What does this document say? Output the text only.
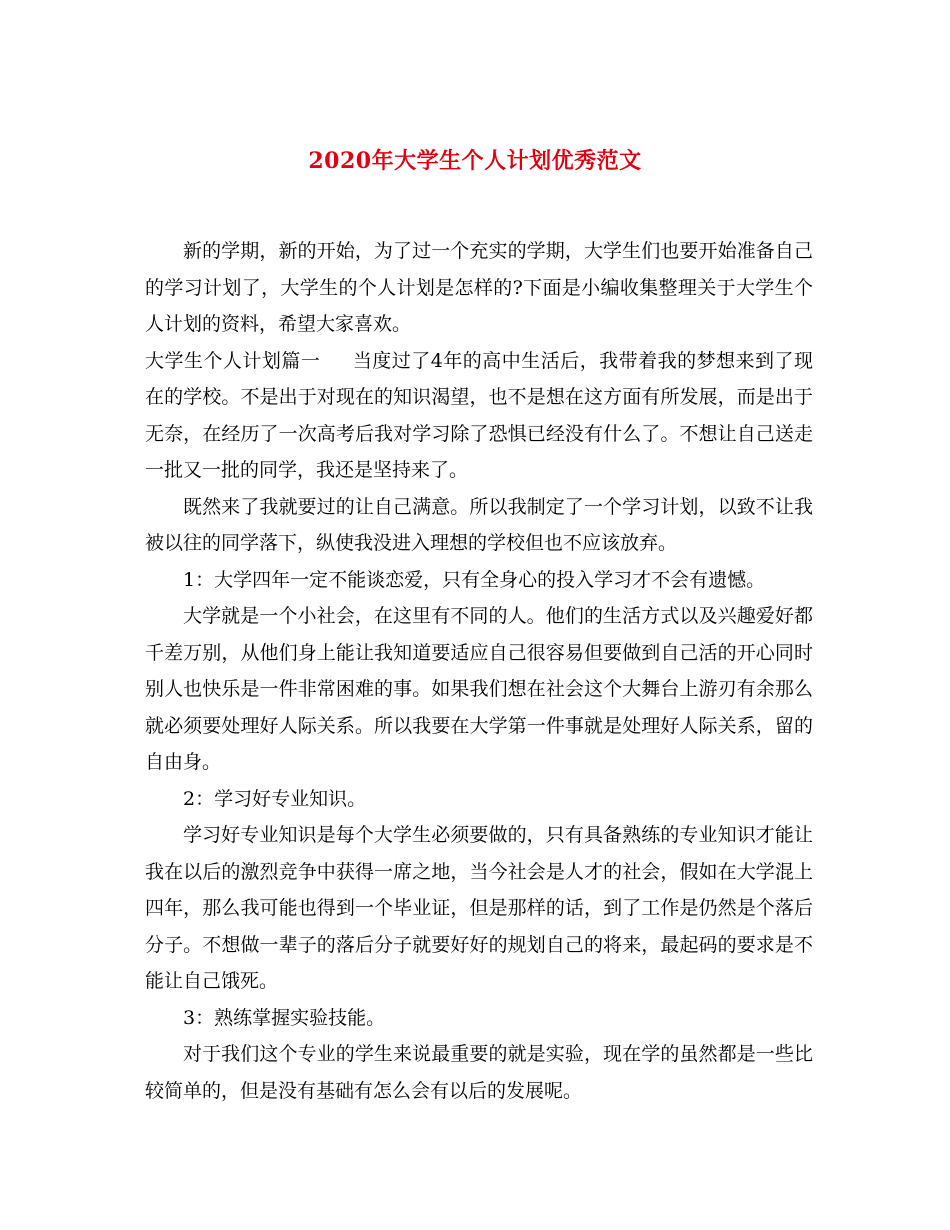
2020年大学生个人计划优秀范文

新的学期，新的开始，为了过一个充实的学期，大学生们也要开始准备自己的学习计划了，大学生的个人计划是怎样的?下面是小编收集整理关于大学生个人计划的资料，希望大家喜欢。

大学生个人计划篇一 当度过了4年的高中生活后，我带着我的梦想来到了现在的学校。不是出于对现在的知识渴望，也不是想在这方面有所发展，而是出于无奈，在经历了一次高考后我对学习除了恐惧已经没有什么了。不想让自己送走一批又一批的同学，我还是坚持来了。

既然来了我就要过的让自己满意。所以我制定了一个学习计划，以致不让我被以往的同学落下，纵使我没进入理想的学校但也不应该放弃。

1：大学四年一定不能谈恋爱，只有全身心的投入学习才不会有遗憾。

大学就是一个小社会，在这里有不同的人。他们的生活方式以及兴趣爱好都千差万别，从他们身上能让我知道要适应自己很容易但要做到自己活的开心同时别人也快乐是一件非常困难的事。如果我们想在社会这个大舞台上游刃有余那么就必须要处理好人际关系。所以我要在大学第一件事就是处理好人际关系，留的自由身。

2：学习好专业知识。

学习好专业知识是每个大学生必须要做的，只有具备熟练的专业知识才能让我在以后的激烈竞争中获得一席之地，当今社会是人才的社会，假如在大学混上四年，那么我可能也得到一个毕业证，但是那样的话，到了工作是仍然是个落后分子。不想做一辈子的落后分子就要好好的规划自己的将来，最起码的要求是不能让自己饿死。

3：熟练掌握实验技能。

对于我们这个专业的学生来说最重要的就是实验，现在学的虽然都是一些比较简单的，但是没有基础有怎么会有以后的发展呢。
